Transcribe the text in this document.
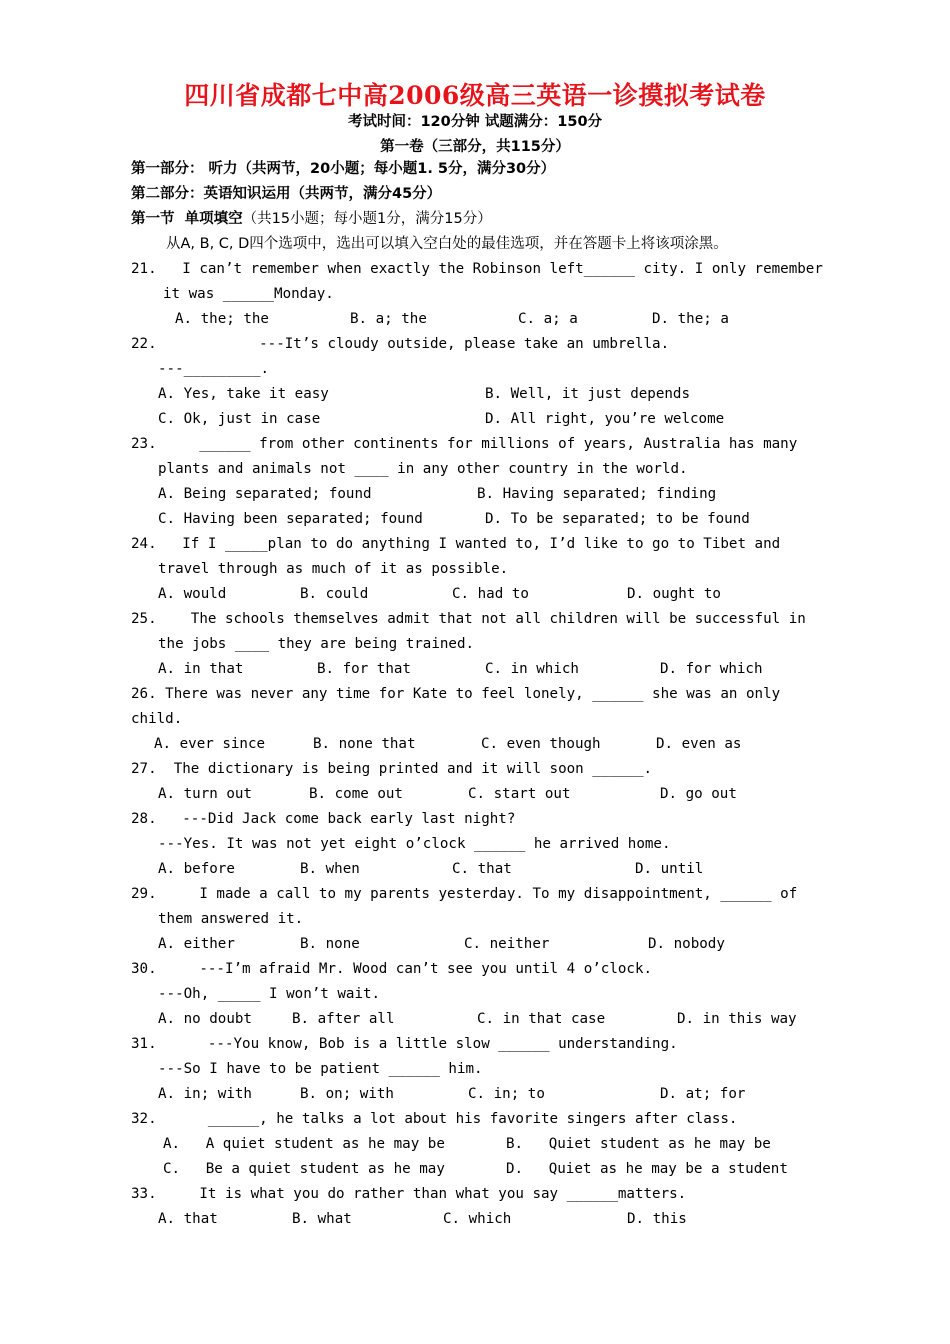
四川省成都七中高2006级高三英语一诊摸拟考试卷
考试时间：120分钟 试题满分：150分
第一卷（三部分，共115分）
第一部分： 听力（共两节，20小题；每小题1. 5分，满分30分）
第二部分：英语知识运用（共两节，满分45分）
第一节  单项填空（共15小题；每小题1分，满分15分）
从A, B, C, D四个选项中，选出可以填入空白处的最佳选项，并在答题卡上将该项涂黑。
21.   I can’t remember when exactly the Robinson left______ city. I only remember
it was ______Monday.
A. the; the	B. a; the	C. a; a	D. the; a
22.            ---It’s cloudy outside, please take an umbrella.
---_________.
A. Yes, take it easy	B. Well, it just depends
C. Ok, just in case	D. All right, you’re welcome
23.     ______ from other continents for millions of years, Australia has many
plants and animals not ____ in any other country in the world.
A. Being separated; found	B. Having separated; finding
C. Having been separated; found	D. To be separated; to be found
24.   If I _____plan to do anything I wanted to, I’d like to go to Tibet and
travel through as much of it as possible.
A. would	B. could	C. had to	D. ought to
25.    The schools themselves admit that not all children will be successful in
the jobs ____ they are being trained.
A. in that	B. for that	C. in which	D. for which
26. There was never any time for Kate to feel lonely, ______ she was an only
child.
A. ever since	B. none that	C. even though	D. even as
27.  The dictionary is being printed and it will soon ______.
A. turn out	B. come out	C. start out	D. go out
28.   ---Did Jack come back early last night?
---Yes. It was not yet eight o’clock ______ he arrived home.
A. before	B. when	C. that	D. until
29.     I made a call to my parents yesterday. To my disappointment, ______ of
them answered it.
A. either	B. none	C. neither	D. nobody
30.     ---I’m afraid Mr. Wood can’t see you until 4 o’clock.
---Oh, _____ I won’t wait.
A. no doubt	B. after all	C. in that case	D. in this way
31.      ---You know, Bob is a little slow ______ understanding.
---So I have to be patient ______ him.
A. in; with	B. on; with	C. in; to	D. at; for
32.      ______, he talks a lot about his favorite singers after class.
A.   A quiet student as he may be	B.   Quiet student as he may be
C.   Be a quiet student as he may	D.   Quiet as he may be a student
33.     It is what you do rather than what you say ______matters.
A. that	B. what	C. which	D. this
